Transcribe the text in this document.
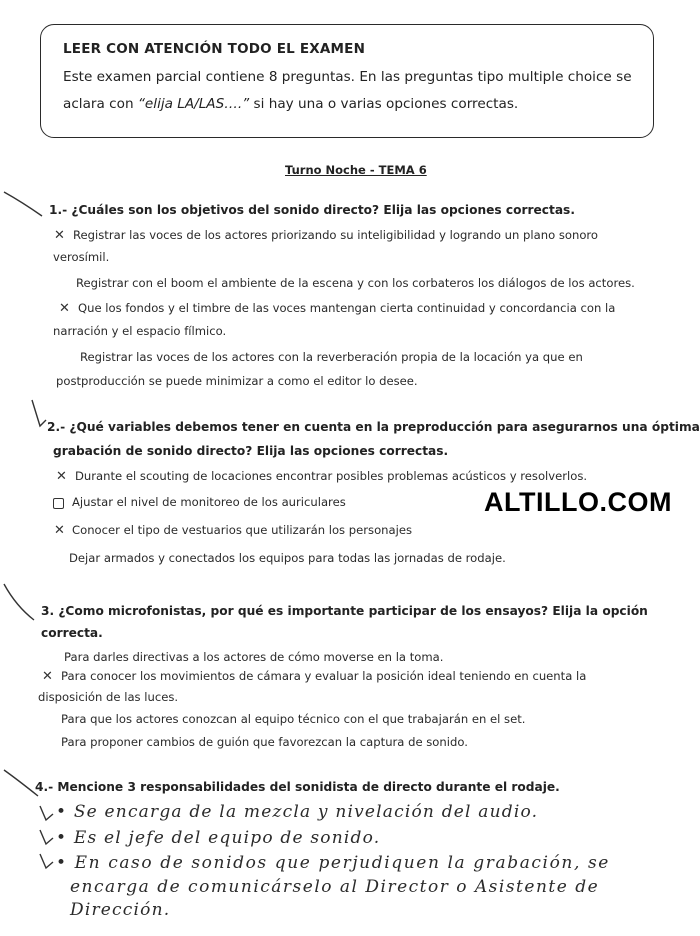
LEER CON ATENCIÓN TODO EL EXAMEN
Este examen parcial contiene 8 preguntas. En las preguntas tipo multiple choice se
aclara con “elija LA/LAS….” si hay una o varias opciones correctas.
Turno Noche - TEMA 6
1.- ¿Cuáles son los objetivos del sonido directo? Elija las opciones correctas.
✕ Registrar las voces de los actores priorizando su inteligibilidad y logrando un plano sonoro
verosímil.
Registrar con el boom el ambiente de la escena y con los corbateros los diálogos de los actores.
✕ Que los fondos y el timbre de las voces mantengan cierta continuidad y concordancia con la
narración y el espacio fílmico.
Registrar las voces de los actores con la reverberación propia de la locación ya que en
postproducción se puede minimizar a como el editor lo desee.
2.- ¿Qué variables debemos tener en cuenta en la preproducción para asegurarnos una óptima
grabación de sonido directo? Elija las opciones correctas.
✕ Durante el scouting de locaciones encontrar posibles problemas acústicos y resolverlos.
Ajustar el nivel de monitoreo de los auriculares
✕ Conocer el tipo de vestuarios que utilizarán los personajes
Dejar armados y conectados los equipos para todas las jornadas de rodaje.
ALTILLO.COM
3. ¿Como microfonistas, por qué es importante participar de los ensayos? Elija la opción
correcta.
Para darles directivas a los actores de cómo moverse en la toma.
✕ Para conocer los movimientos de cámara y evaluar la posición ideal teniendo en cuenta la
disposición de las luces.
Para que los actores conozcan al equipo técnico con el que trabajarán en el set.
Para proponer cambios de guión que favorezcan la captura de sonido.
4.- Mencione 3 responsabilidades del sonidista de directo durante el rodaje.
• Se encarga de la mezcla y nivelación del audio.
• Es el jefe del equipo de sonido.
• En caso de sonidos que perjudiquen la grabación, se
encarga de comunicárselo al Director o Asistente de
Dirección.
